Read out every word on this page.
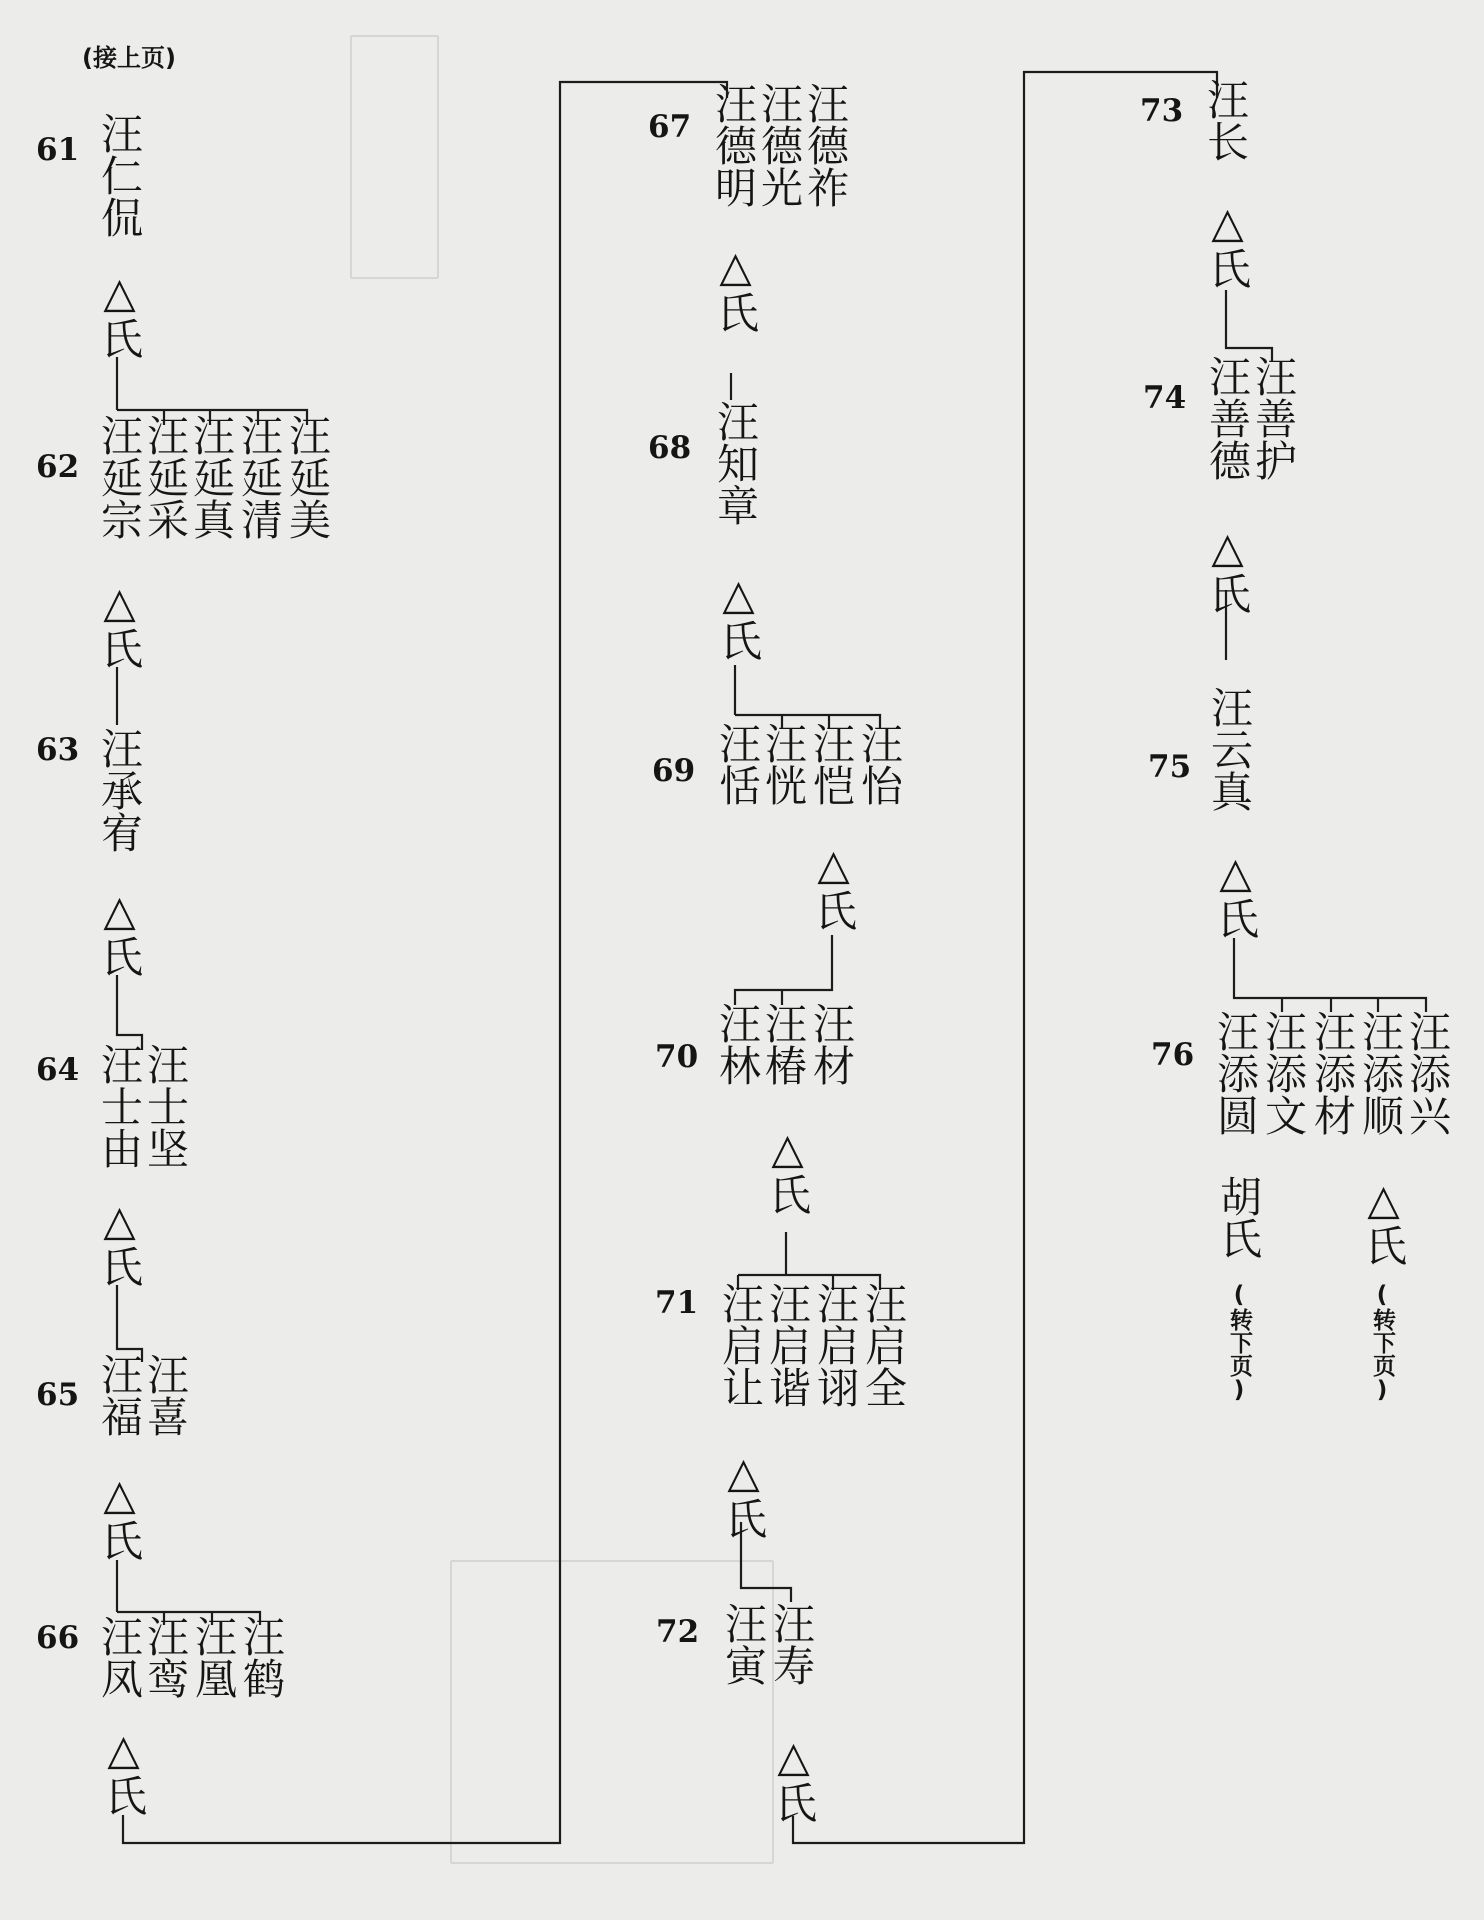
(接上页)
61
62
63
64
65
66
67
68
69
70
71
72
73
74
75
76
汪仁侃
△氏
汪延宗
汪延采
汪延真 汪延清 汪延美
△氏
汪承宥
△氏
汪士由
汪士坚
△氏
汪福
汪喜
△氏
汪凤
汪鸾 汪凰 汪鹤
△氏
汪德明
汪德光
汪德祚
△氏
汪知章
△氏
汪恬
汪恍 汪恺 汪怡
△氏
汪林
汪椿 汪材
△氏
汪启让
汪启谐 汪启诩 汪启全
△氏
汪寅 汪寿
△氏
汪长
△氏
汪善德
汪善护
△氏
汪云真
△氏
汪添圆 汪添文 汪添材 汪添顺
汪添兴
胡氏 △氏
(转下页)	(转下页)
